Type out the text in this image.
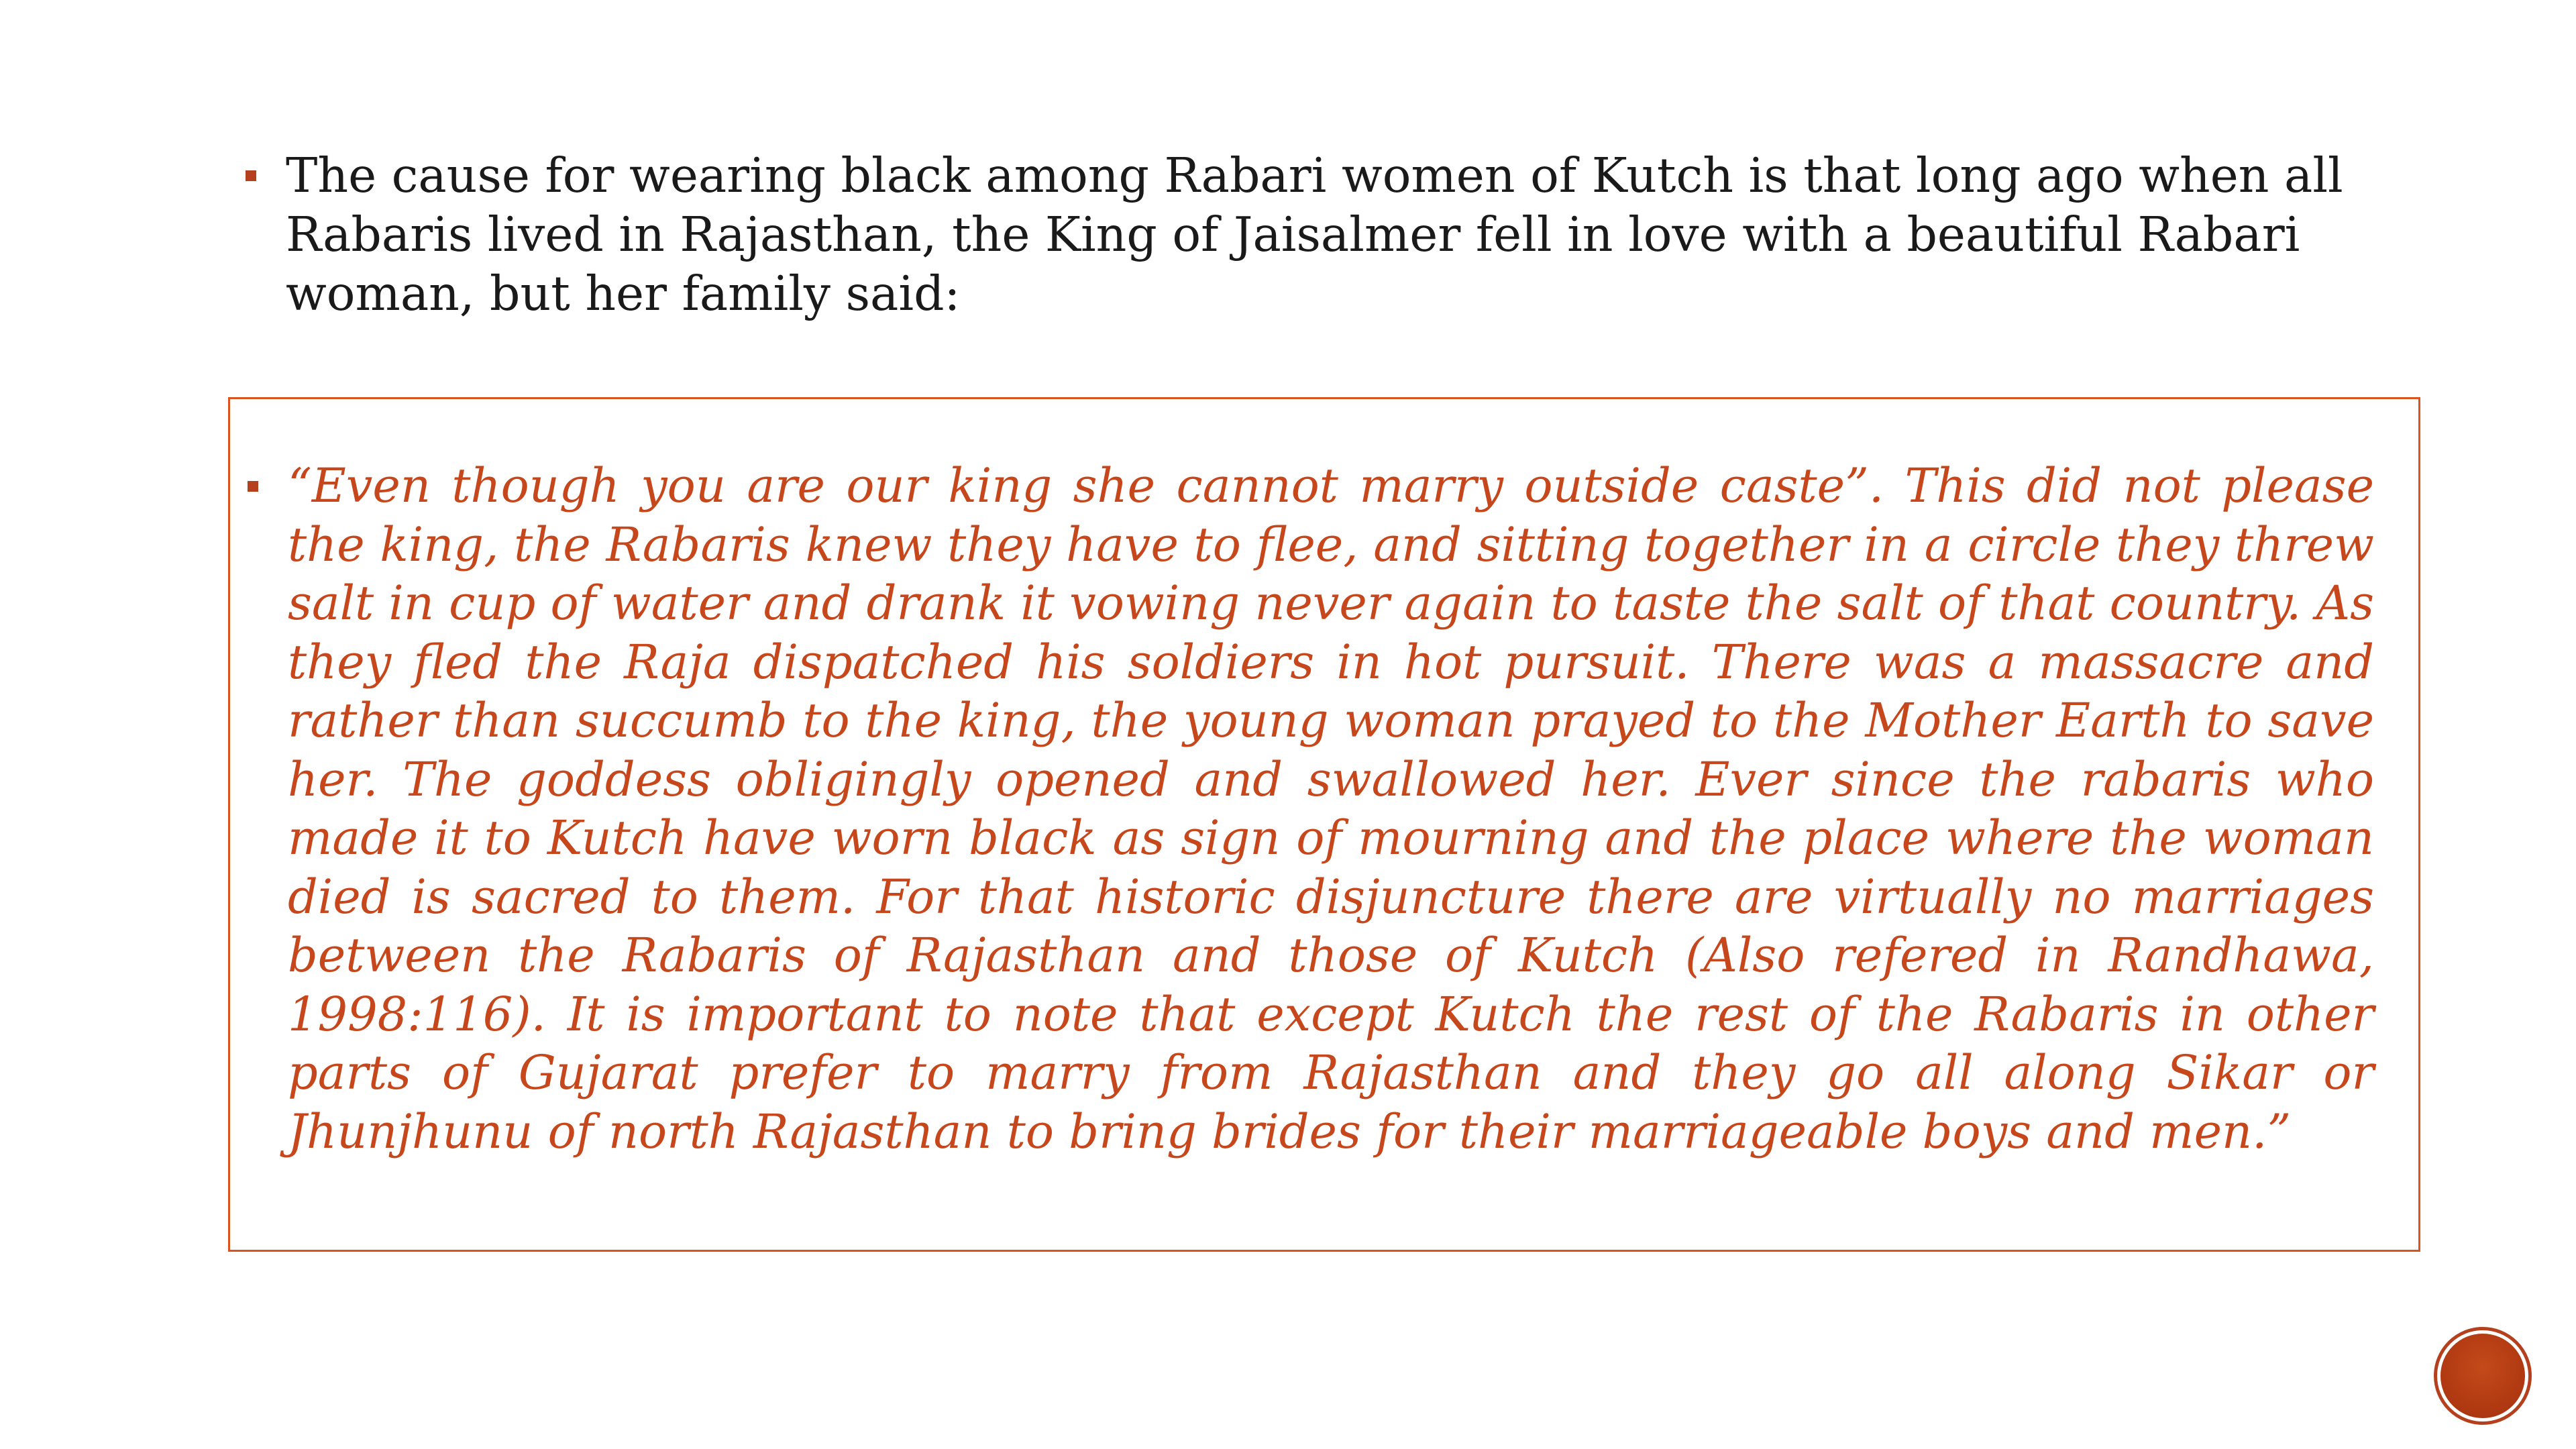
The cause for wearing black among Rabari women of Kutch is that long ago when all Rabaris lived in Rajasthan, the King of Jaisalmer fell in love with a beautiful Rabari woman, but her family said:

“Even though you are our king she cannot marry outside caste”. This did not please the king, the Rabaris knew they have to flee, and sitting together in a circle they threw salt in cup of water and drank it vowing never again to taste the salt of that country. As they fled the Raja dispatched his soldiers in hot pursuit. There was a massacre and rather than succumb to the king, the young woman prayed to the Mother Earth to save her. The goddess obligingly opened and swallowed her. Ever since the rabaris who made it to Kutch have worn black as sign of mourning and the place where the woman died is sacred to them. For that historic disjuncture there are virtually no marriages between the Rabaris of Rajasthan and those of Kutch (Also refered in Randhawa, 1998:116). It is important to note that except Kutch the rest of the Rabaris in other parts of Gujarat prefer to marry from Rajasthan and they go all along Sikar or Jhunjhunu of north Rajasthan to bring brides for their marriageable boys and men.”
